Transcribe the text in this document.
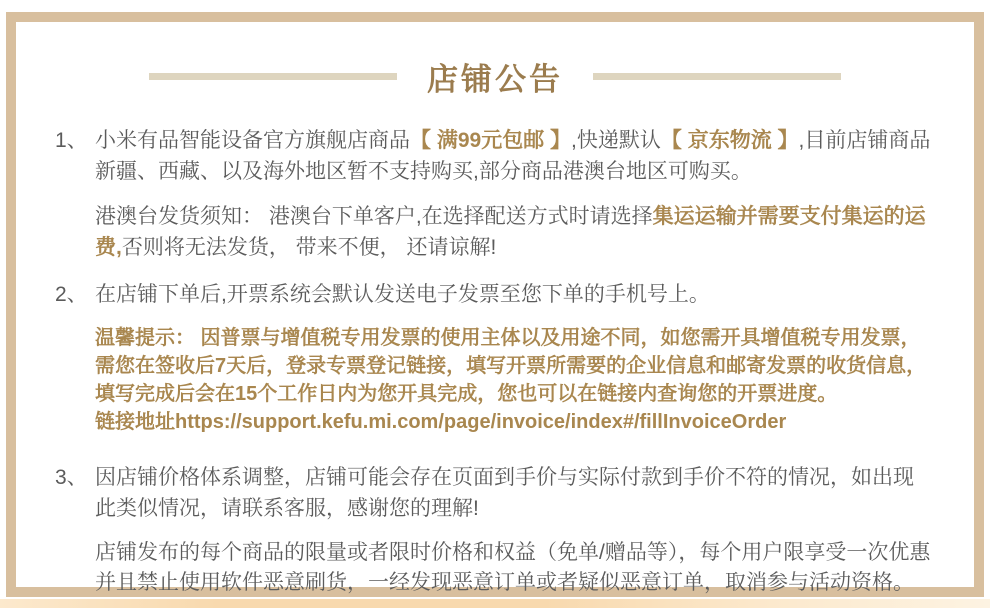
店铺公告
1、 小米有品智能设备官方旗舰店商品【 满99元包邮 】,快递默认【 京东物流 】,目前店铺商品新疆、西藏、以及海外地区暂不支持购买,部分商品港澳台地区可购买。
港澳台发货须知： 港澳台下单客户,在选择配送方式时请选择集运运输并需要支付集运的运费,否则将无法发货， 带来不便， 还请谅解!
2、 在店铺下单后,开票系统会默认发送电子发票至您下单的手机号上。
温馨提示： 因普票与增值税专用发票的使用主体以及用途不同，如您需开具增值税专用发票，需您在签收后7天后，登录专票登记链接，填写开票所需要的企业信息和邮寄发票的收货信息，填写完成后会在15个工作日内为您开具完成，您也可以在链接内查询您的开票进度。链接地址https://support.kefu.mi.com/page/invoice/index#/fillInvoiceOrder
3、 因店铺价格体系调整，店铺可能会存在页面到手价与实际付款到手价不符的情况，如出现此类似情况，请联系客服，感谢您的理解!
店铺发布的每个商品的限量或者限时价格和权益（免单/赠品等），每个用户限享受一次优惠并且禁止使用软件恶意刷货，一经发现恶意订单或者疑似恶意订单，取消参与活动资格。
